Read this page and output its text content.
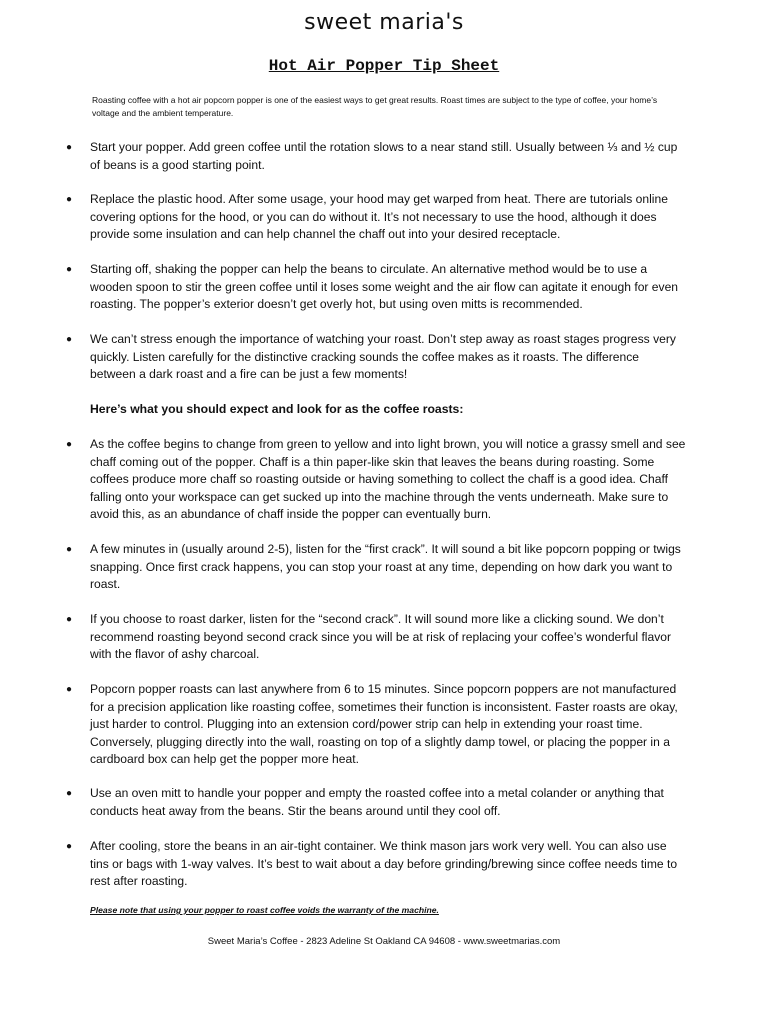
sweet maria's
Hot Air Popper Tip Sheet
Roasting coffee with a hot air popcorn popper is one of the easiest ways to get great results. Roast times are subject to the type of coffee, your home’s voltage and the ambient temperature.
●	Start your popper. Add green coffee until the rotation slows to a near stand still. Usually between ⅓ and ½ cup of beans is a good starting point.
●	Replace the plastic hood. After some usage, your hood may get warped from heat. There are tutorials online covering options for the hood, or you can do without it. It’s not necessary to use the hood, although it does provide some insulation and can help channel the chaff out into your desired receptacle.
●	Starting off, shaking the popper can help the beans to circulate. An alternative method would be to use a wooden spoon to stir the green coffee until it loses some weight and the air flow can agitate it enough for even roasting. The popper’s exterior doesn’t get overly hot, but using oven mitts is recommended.
●	We can’t stress enough the importance of watching your roast. Don’t step away as roast stages progress very quickly. Listen carefully for the distinctive cracking sounds the coffee makes as it roasts. The difference between a dark roast and a fire can be just a few moments!
Here’s what you should expect and look for as the coffee roasts:
●	As the coffee begins to change from green to yellow and into light brown, you will notice a grassy smell and see chaff coming out of the popper. Chaff is a thin paper-like skin that leaves the beans during roasting. Some coffees produce more chaff so roasting outside or having something to collect the chaff is a good idea. Chaff falling onto your workspace can get sucked up into the machine through the vents underneath. Make sure to avoid this, as an abundance of chaff inside the popper can eventually burn.
●	A few minutes in (usually around 2-5), listen for the “first crack”. It will sound a bit like popcorn popping or twigs snapping. Once first crack happens, you can stop your roast at any time, depending on how dark you want to roast.
●	If you choose to roast darker, listen for the “second crack”. It will sound more like a clicking sound. We don’t recommend roasting beyond second crack since you will be at risk of replacing your coffee’s wonderful flavor with the flavor of ashy charcoal.
●	Popcorn popper roasts can last anywhere from 6 to 15 minutes. Since popcorn poppers are not manufactured for a precision application like roasting coffee, sometimes their function is inconsistent. Faster roasts are okay, just harder to control. Plugging into an extension cord/power strip can help in extending your roast time. Conversely, plugging directly into the wall, roasting on top of a slightly damp towel, or placing the popper in a cardboard box can help get the popper more heat.
●	Use an oven mitt to handle your popper and empty the roasted coffee into a metal colander or anything that conducts heat away from the beans. Stir the beans around until they cool off.
●	After cooling, store the beans in an air-tight container. We think mason jars work very well. You can also use tins or bags with 1-way valves. It’s best to wait about a day before grinding/brewing since coffee needs time to rest after roasting.
Please note that using your popper to roast coffee voids the warranty of the machine.
Sweet Maria’s Coffee - 2823 Adeline St Oakland CA 94608 - www.sweetmarias.com
